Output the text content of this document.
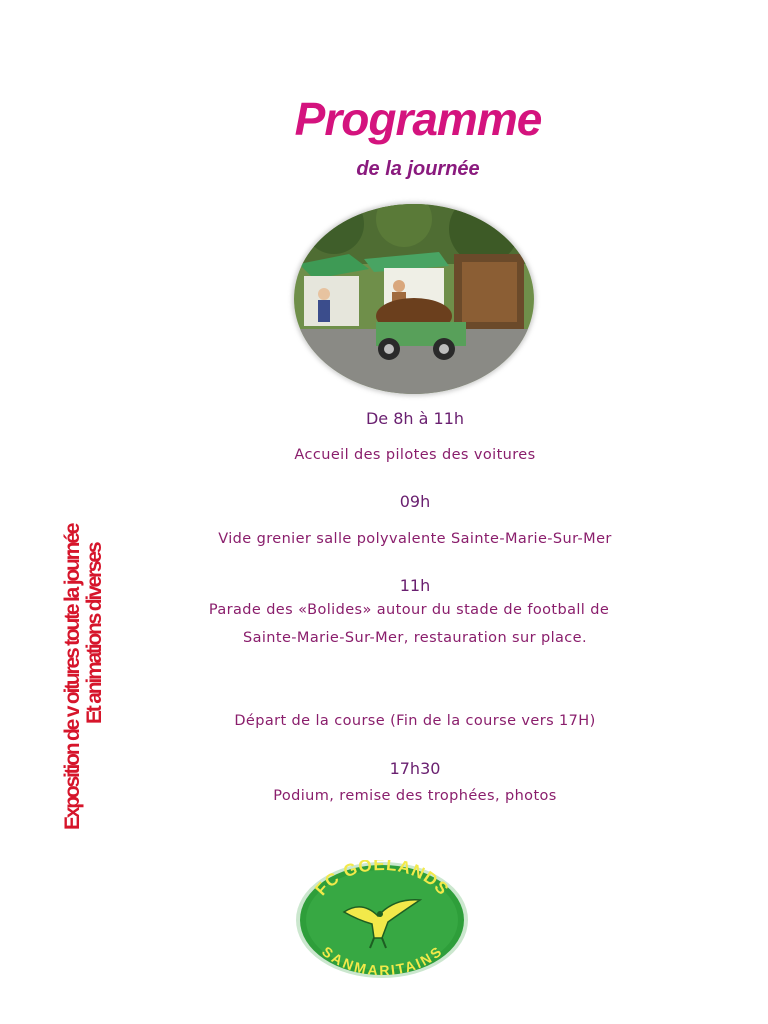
Programme
de la journée
Exposition de v oitures toute la journée Et animations diverses
De 8h à 11h
Accueil des pilotes des voitures
09h
Vide grenier salle polyvalente Sainte-Marie-Sur-Mer
11h
Parade des «Bolides» autour du stade de football de
Sainte-Marie-Sur-Mer, restauration sur place.
Départ de la course (Fin de la course vers 17H)
17h30
Podium, remise des trophées, photos
FC GOELANDS
SANMARITAINS
